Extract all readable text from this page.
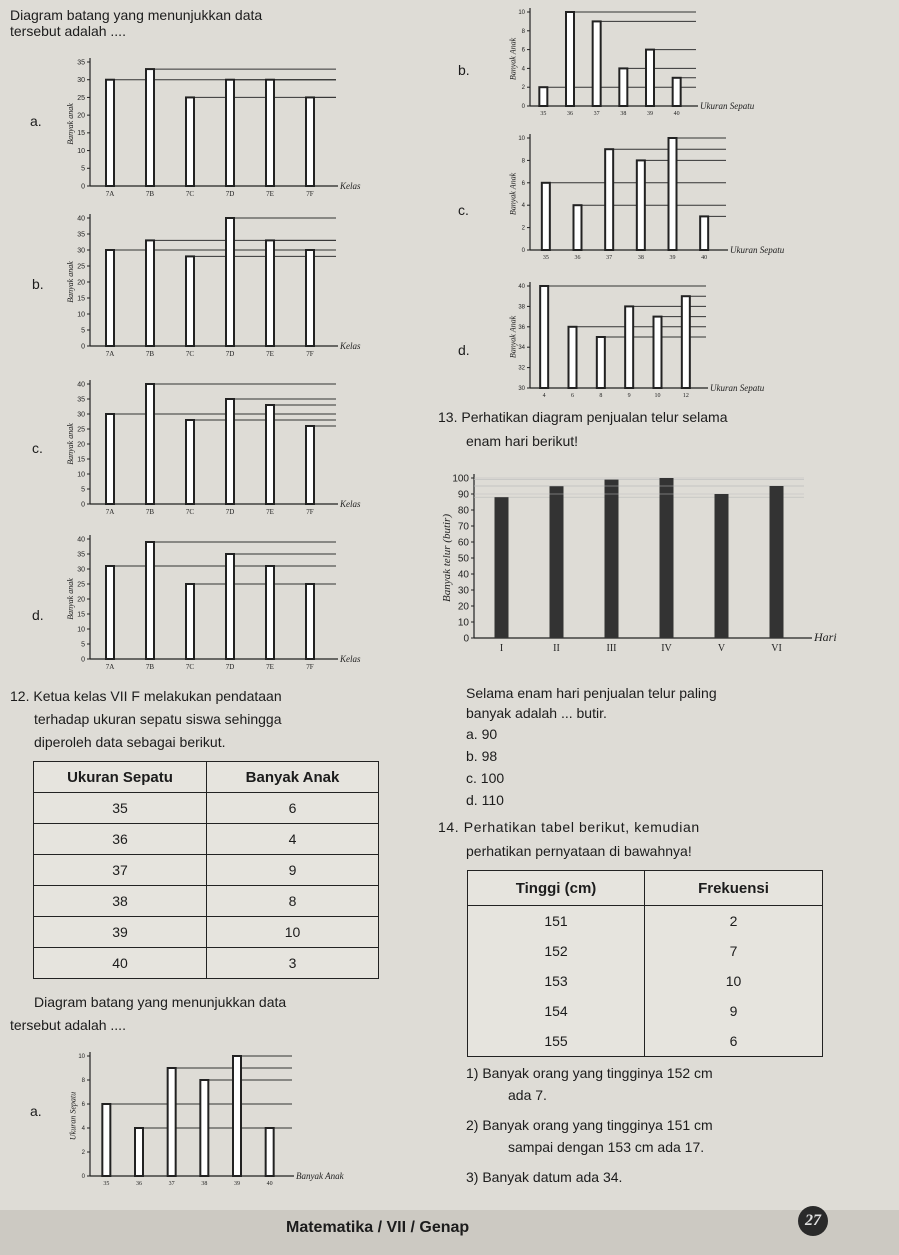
Diagram batang yang menunjukkan data
tersebut adalah ....
a.
0
5
10
15
20
25
30
35
7A	7B	7C	7D	7E	7F
Banyak anak
Kelas
b.
0
5
10
15
20
25
30
35
40
7A	7B	7C	7D	7E	7F
Banyak anak
Kelas
c.
0
5
10
15
20
25
30
35
40
7A	7B	7C	7D	7E	7F
Banyak anak
Kelas
d.
0
5
10
15
20
25
30
35
40
7A	7B	7C	7D	7E	7F
Banyak anak
Kelas
12. Ketua kelas VII F melakukan pendataan
terhadap ukuran sepatu siswa sehingga
diperoleh data sebagai berikut.
Ukuran Sepatu	Banyak Anak
35	6
36	4
37	9
38	8
39	10
40	3
Diagram batang yang menunjukkan data
tersebut adalah ....
a.
0
2
4
6
8
10
35	36	37	38	39	40
Ukuran Sepatu
Banyak Anak
b.
0
2
4
6
8
10
35	36	37	38	39	40
Banyak Anak
Ukuran Sepatu
c.
0
2
4
6
8
10
35	36	37	38	39	40
Banyak Anak
Ukuran Sepatu
d.
30
32
34
36
38
40
4	6	8	9	10	12
Banyak Anak
Ukuran Sepatu
13. Perhatikan diagram penjualan telur selama
enam hari berikut!
0
10
20
30
40
50
60
70
80
90
100
I	II	III	IV	V	VI
Banyak telur (butir)
Hari
Selama enam hari penjualan telur paling
banyak adalah ... butir.
a. 90
b. 98
c. 100
d. 110
14. Perhatikan tabel berikut, kemudian
perhatikan pernyataan di bawahnya!
Tinggi (cm)	Frekuensi
151	2
152	7
153	10
154	9
155	6
1) Banyak orang yang tingginya 152 cm
ada 7.
2) Banyak orang yang tingginya 151 cm
sampai dengan 153 cm ada 17.
3) Banyak datum ada 34.
Matematika / VII / Genap	27
